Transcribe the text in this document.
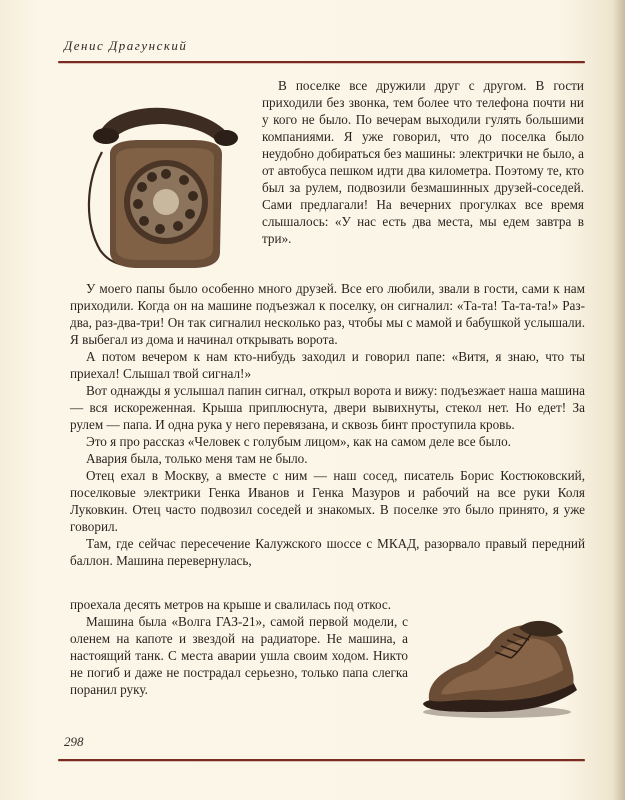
Денис Драгунский

В поселке все дружили друг с другом. В гости приходили без звонка, тем более что телефона почти ни у кого не было. По вечерам выходили гулять большими компаниями. Я уже говорил, что до поселка было неудобно добираться без машины: электрички не было, а от автобуса пешком идти два километра. Поэтому те, кто был за рулем, подвозили безмашинных друзей-соседей. Сами предлагали! На вечерних прогулках все время слышалось: «У нас есть два места, мы едем завтра в три».

У моего папы было особенно много друзей. Все его любили, звали в гости, сами к нам приходили. Когда он на машине подъезжал к поселку, он сигналил: «Та-та! Та-та-та!» Раз-два, раз-два-три! Он так сигналил несколько раз, чтобы мы с мамой и бабушкой услышали. Я выбегал из дома и начинал открывать ворота.

А потом вечером к нам кто-нибудь заходил и говорил папе: «Витя, я знаю, что ты приехал! Слышал твой сигнал!»

Вот однажды я услышал папин сигнал, открыл ворота и вижу: подъезжает наша машина — вся искореженная. Крыша приплюснута, двери вывихнуты, стекол нет. Но едет! За рулем — папа. И одна рука у него перевязана, и сквозь бинт проступила кровь.

Это я про рассказ «Человек с голубым лицом», как на самом деле все было.

Авария была, только меня там не было.

Отец ехал в Москву, а вместе с ним — наш сосед, писатель Борис Костюковский, поселковые электрики Генка Иванов и Генка Мазуров и рабочий на все руки Коля Луковкин. Отец часто подвозил соседей и знакомых. В поселке это было принято, я уже говорил.

Там, где сейчас пересечение Калужского шоссе с МКАД, разорвало правый передний баллон. Машина перевернулась,

проехала десять метров на крыше и свалилась под откос.

Машина была «Волга ГАЗ-21», самой первой модели, с оленем на капоте и звездой на радиаторе. Не машина, а настоящий танк. С места аварии ушла своим ходом. Никто не погиб и даже не пострадал серьезно, только папа слегка поранил руку.

298
